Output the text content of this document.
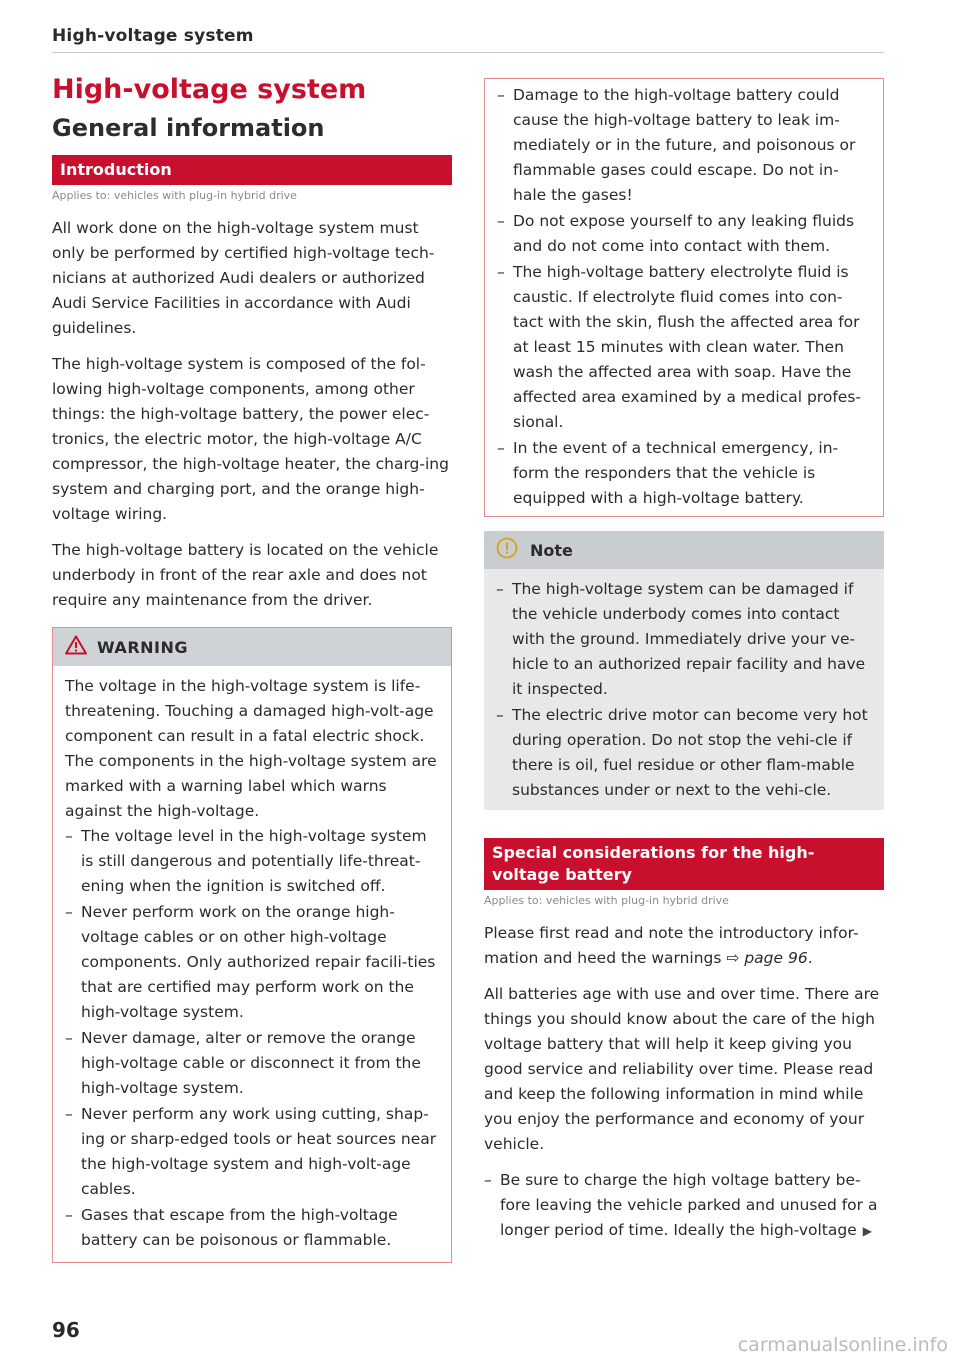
High-voltage system
High-voltage system
General information
Introduction
Applies to: vehicles with plug-in hybrid drive

All work done on the high-voltage system must only be performed by certified high-voltage tech-nicians at authorized Audi dealers or authorized Audi Service Facilities in accordance with Audi guidelines.

The high-voltage system is composed of the fol-lowing high-voltage components, among other things: the high-voltage battery, the power elec-tronics, the electric motor, the high-voltage A/C compressor, the high-voltage heater, the charg-ing system and charging port, and the orange high-voltage wiring.

The high-voltage battery is located on the vehicle underbody in front of the rear axle and does not require any maintenance from the driver.

WARNING

The voltage in the high-voltage system is life-threatening. Touching a damaged high-volt-age component can result in a fatal electric shock. The components in the high-voltage system are marked with a warning label which warns against the high-voltage.

– The voltage level in the high-voltage system is still dangerous and potentially life-threat-ening when the ignition is switched off.
– Never perform work on the orange high-voltage cables or on other high-voltage components. Only authorized repair facili-ties that are certified may perform work on the high-voltage system.
– Never damage, alter or remove the orange high-voltage cable or disconnect it from the high-voltage system.
– Never perform any work using cutting, shap-ing or sharp-edged tools or heat sources near the high-voltage system and high-volt-age cables.
– Gases that escape from the high-voltage battery can be poisonous or flammable.
– Damage to the high-voltage battery could cause the high-voltage battery to leak im-mediately or in the future, and poisonous or flammable gases could escape. Do not in-hale the gases!
– Do not expose yourself to any leaking fluids and do not come into contact with them.
– The high-voltage battery electrolyte fluid is caustic. If electrolyte fluid comes into con-tact with the skin, flush the affected area for at least 15 minutes with clean water. Then wash the affected area with soap. Have the affected area examined by a medical profes-sional.
– In the event of a technical emergency, in-form the responders that the vehicle is equipped with a high-voltage battery.
Note
– The high-voltage system can be damaged if the vehicle underbody comes into contact with the ground. Immediately drive your ve-hicle to an authorized repair facility and have it inspected.
– The electric drive motor can become very hot during operation. Do not stop the vehi-cle if there is oil, fuel residue or other flam-mable substances under or next to the vehi-cle.
Special considerations for the high-voltage battery
Applies to: vehicles with plug-in hybrid drive

Please first read and note the introductory infor-mation and heed the warnings ⇨ page 96.

All batteries age with use and over time. There are things you should know about the care of the high voltage battery that will help it keep giving you good service and reliability over time. Please read and keep the following information in mind while you enjoy the performance and economy of your vehicle.

– Be sure to charge the high voltage battery be-fore leaving the vehicle parked and unused for a longer period of time. Ideally the high-voltage ▶
96
carmanualsonline.info
